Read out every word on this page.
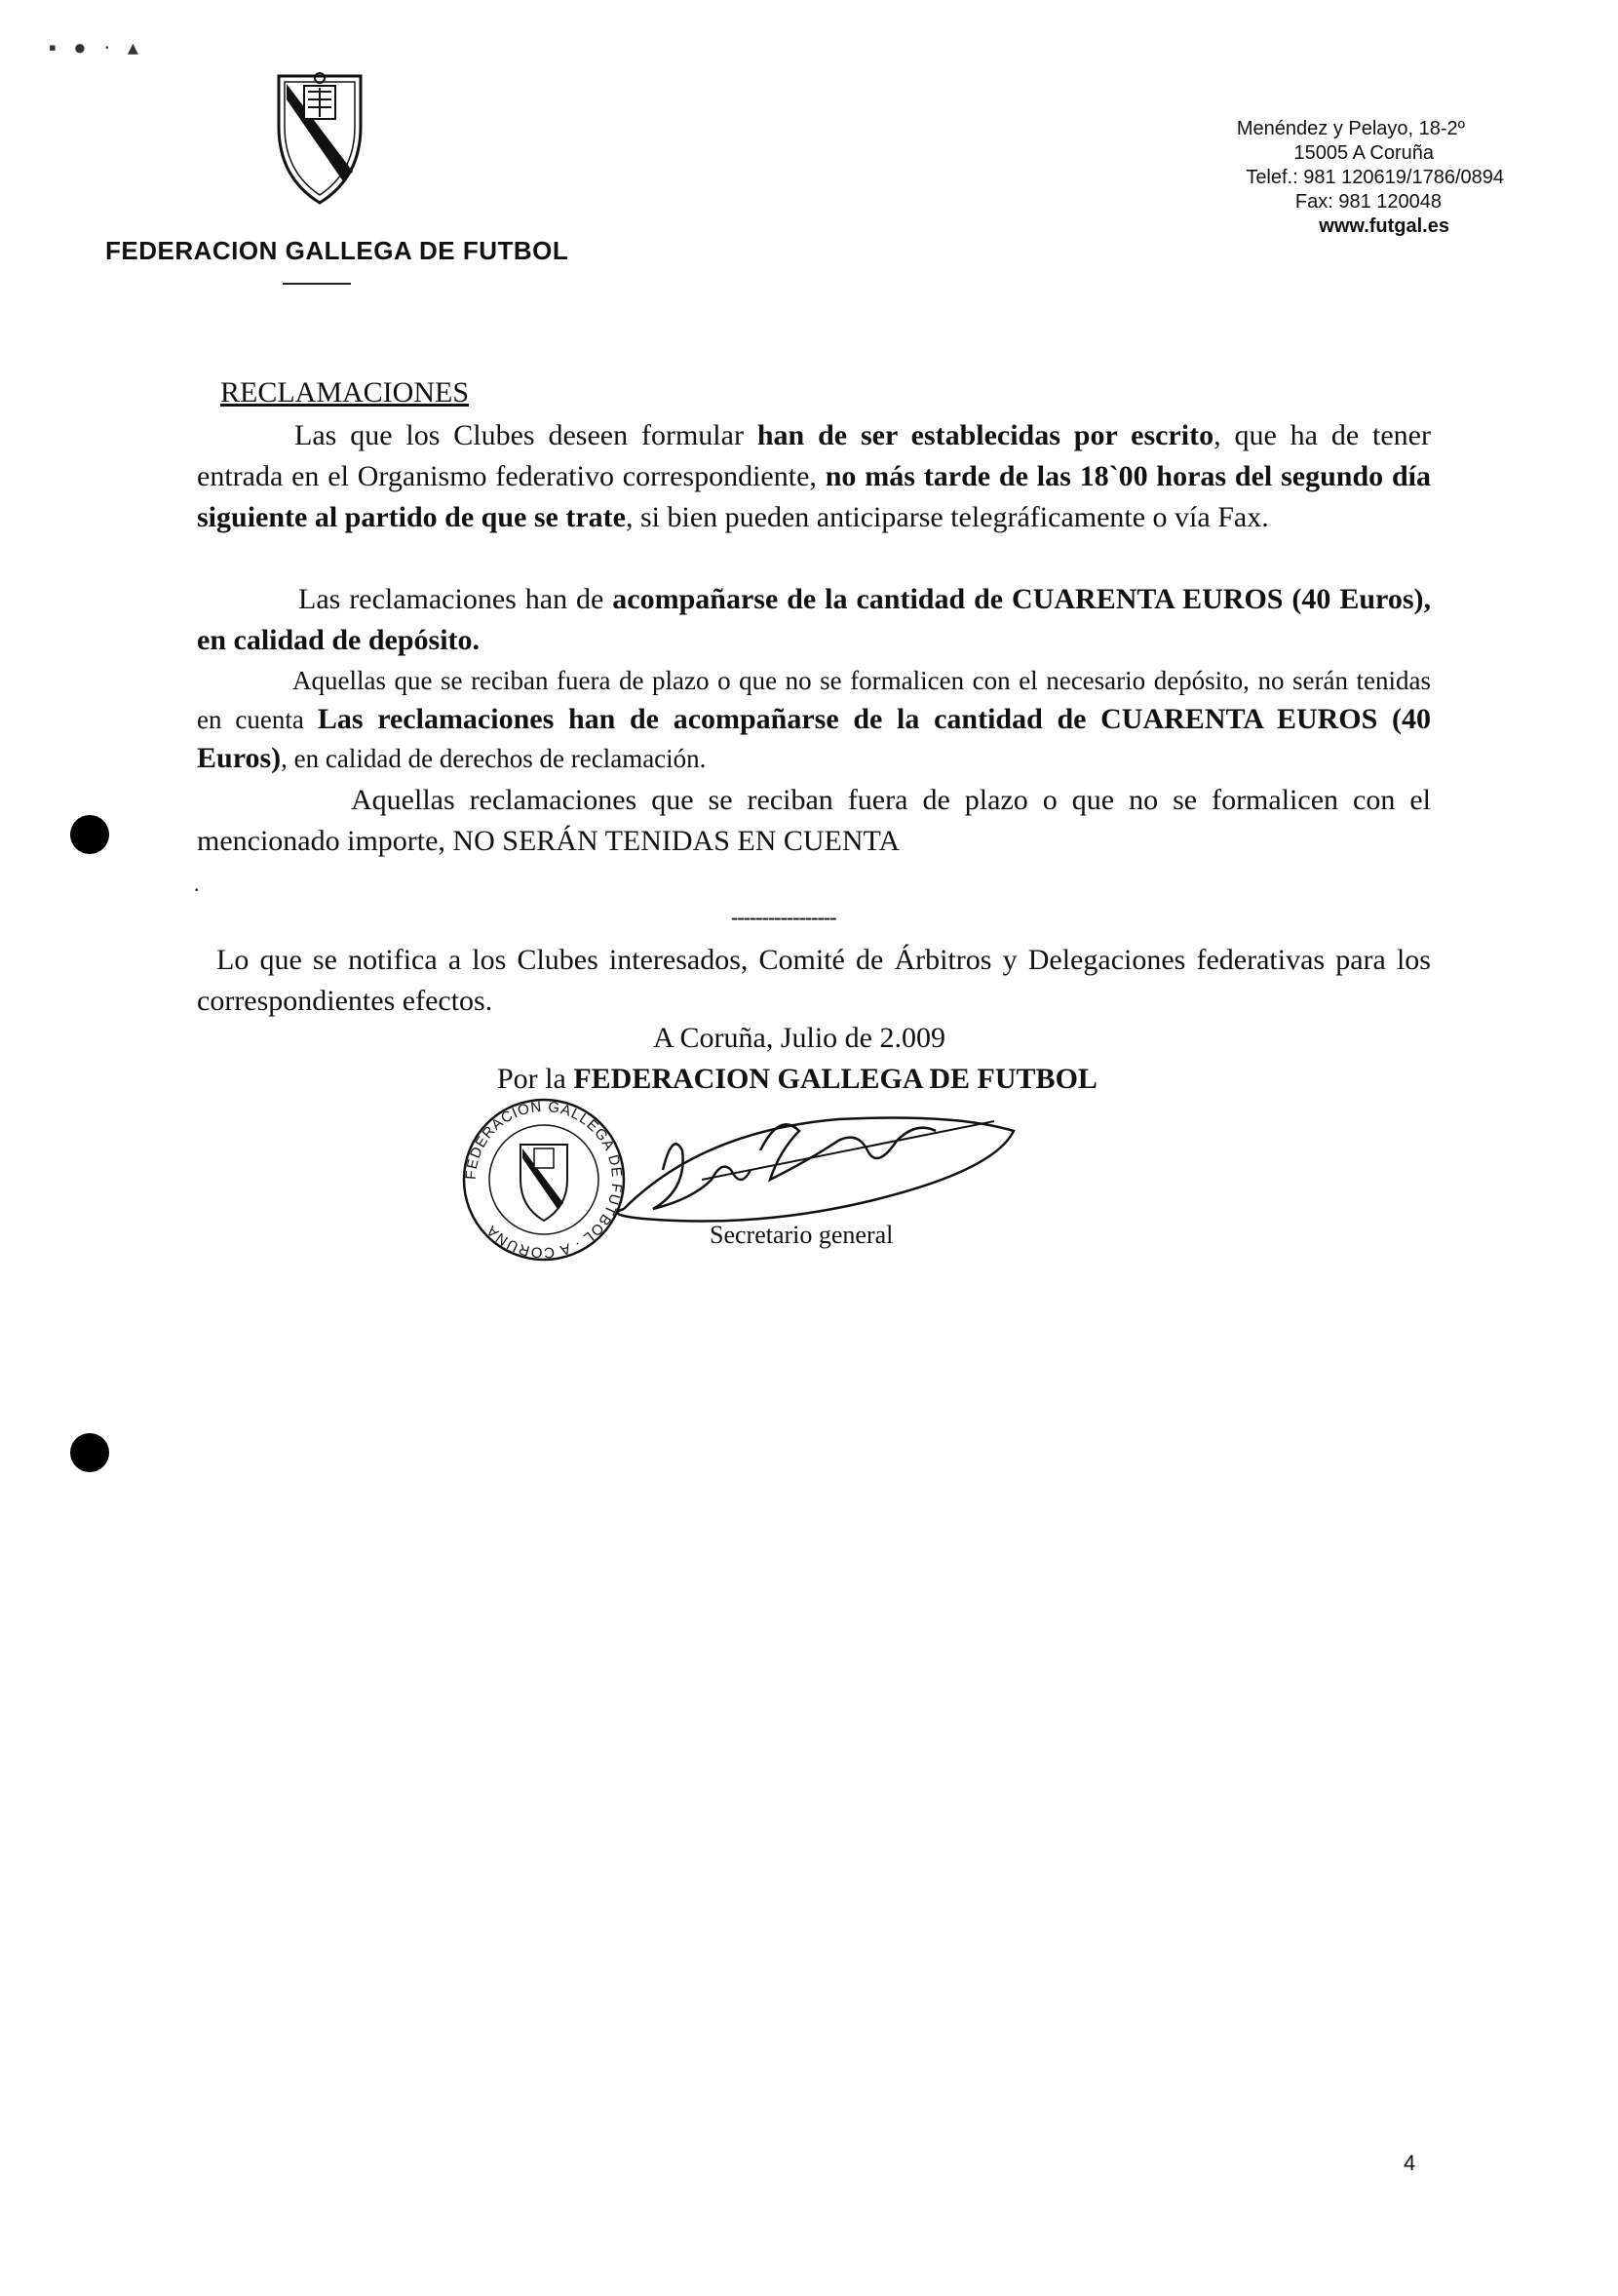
▪ ● · ▴
FEDERACION GALLEGA DE FUTBOL
Menéndez y Pelayo, 18-2º
15005 A Coruña
Telef.: 981 120619/1786/0894
Fax: 981 120048
www.futgal.es
RECLAMACIONES
Las que los Clubes deseen formular han de ser establecidas por escrito, que ha de tener entrada en el Organismo federativo correspondiente, no más tarde de las 18`00 horas del segundo día siguiente al partido de que se trate, si bien pueden anticiparse telegráficamente o vía Fax.
Las reclamaciones han de acompañarse de la cantidad de CUARENTA EUROS (40 Euros), en calidad de depósito.
Aquellas que se reciban fuera de plazo o que no se formalicen con el necesario depósito, no serán tenidas en cuenta Las reclamaciones han de acompañarse de la cantidad de CUARENTA EUROS (40 Euros), en calidad de derechos de reclamación.
Aquellas reclamaciones que se reciban fuera de plazo o que no se formalicen con el mencionado importe, NO SERÁN TENIDAS EN CUENTA
·
-----------------
Lo que se notifica a los Clubes interesados, Comité de Árbitros y Delegaciones federativas para los correspondientes efectos.
A Coruña, Julio de 2.009
Por la FEDERACION GALLEGA DE FUTBOL
FEDERACION GALLEGA DE FUTBOL · A CORUÑA	Secretario general
4
